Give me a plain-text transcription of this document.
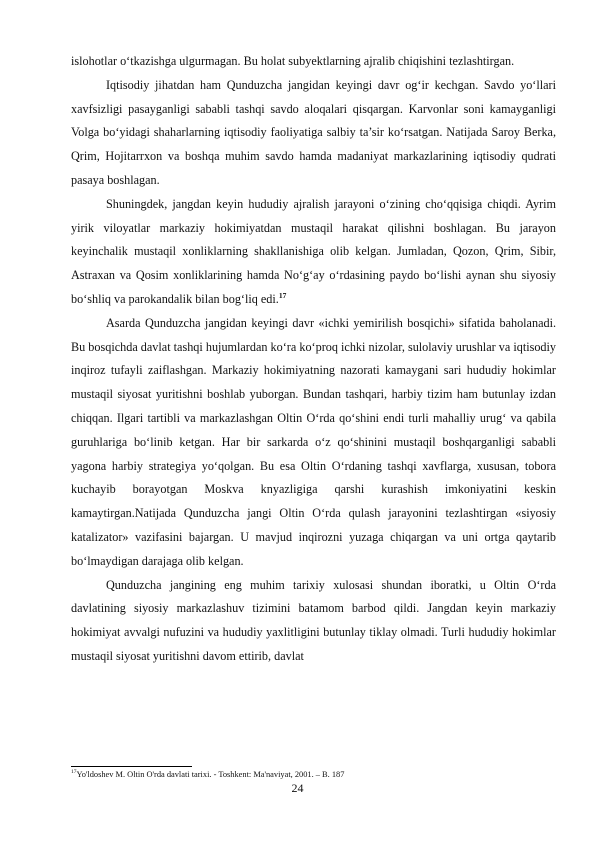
islohotlar o‘tkazishga ulgurmagan. Bu holat subyektlarning ajralib chiqishini tezlashtirgan.

Iqtisodiy jihatdan ham Qunduzcha jangidan keyingi davr og‘ir kechgan. Savdo yo‘llari xavfsizligi pasayganligi sababli tashqi savdo aloqalari qisqargan. Karvonlar soni kamayganligi Volga bo‘yidagi shaharlarning iqtisodiy faoliyatiga salbiy ta’sir ko‘rsatgan. Natijada Saroy Berka, Qrim, Hojitarrxon va boshqa muhim savdo hamda madaniyat markazlarining iqtisodiy qudrati pasaya boshlagan.

Shuningdek, jangdan keyin hududiy ajralish jarayoni o‘zining cho‘qqisiga chiqdi. Ayrim yirik viloyatlar markaziy hokimiyatdan mustaqil harakat qilishni boshlagan. Bu jarayon keyinchalik mustaqil xonliklarning shakllanishiga olib kelgan. Jumladan, Qozon, Qrim, Sibir, Astraxan va Qosim xonliklarining hamda No‘g‘ay o‘rdasining paydo bo‘lishi aynan shu siyosiy bo‘shliq va parokandalik bilan bog‘liq edi.$^{17}$

Asarda Qunduzcha jangidan keyingi davr «ichki yemirilish bosqichi» sifatida baholanadi. Bu bosqichda davlat tashqi hujumlardan ko‘ra ko‘proq ichki nizolar, sulolaviy urushlar va iqtisodiy inqiroz tufayli zaiflashgan. Markaziy hokimiyatning nazorati kamaygani sari hududiy hokimlar mustaqil siyosat yuritishni boshlab yuborgan. Bundan tashqari, harbiy tizim ham butunlay izdan chiqqan. Ilgari tartibli va markazlashgan Oltin O‘rda qo‘shini endi turli mahalliy urug‘ va qabila guruhlariga bo‘linib ketgan. Har bir sarkarda o‘z qo‘shinini mustaqil boshqarganligi sababli yagona harbiy strategiya yo‘qolgan. Bu esa Oltin O‘rdaning tashqi xavflarga, xususan, tobora kuchayib borayotgan Moskva knyazligiga qarshi kurashish imkoniyatini keskin kamaytirgan.Natijada Qunduzcha jangi Oltin O‘rda qulash jarayonini tezlashtirgan «siyosiy katalizator» vazifasini bajargan. U mavjud inqirozni yuzaga chiqargan va uni ortga qaytarib bo‘lmaydigan darajaga olib kelgan.

Qunduzcha jangining eng muhim tarixiy xulosasi shundan iboratki, u Oltin O‘rda davlatining siyosiy markazlashuv tizimini batamom barbod qildi. Jangdan keyin markaziy hokimiyat avvalgi nufuzini va hududiy yaxlitligini butunlay tiklay olmadi. Turli hududiy hokimlar mustaqil siyosat yuritishni davom ettirib, davlat

$^{17}$Yo'ldoshev M. Oltin O'rda davlati tarixi. - Toshkent: Ma'naviyat, 2001. – B. 187
24
